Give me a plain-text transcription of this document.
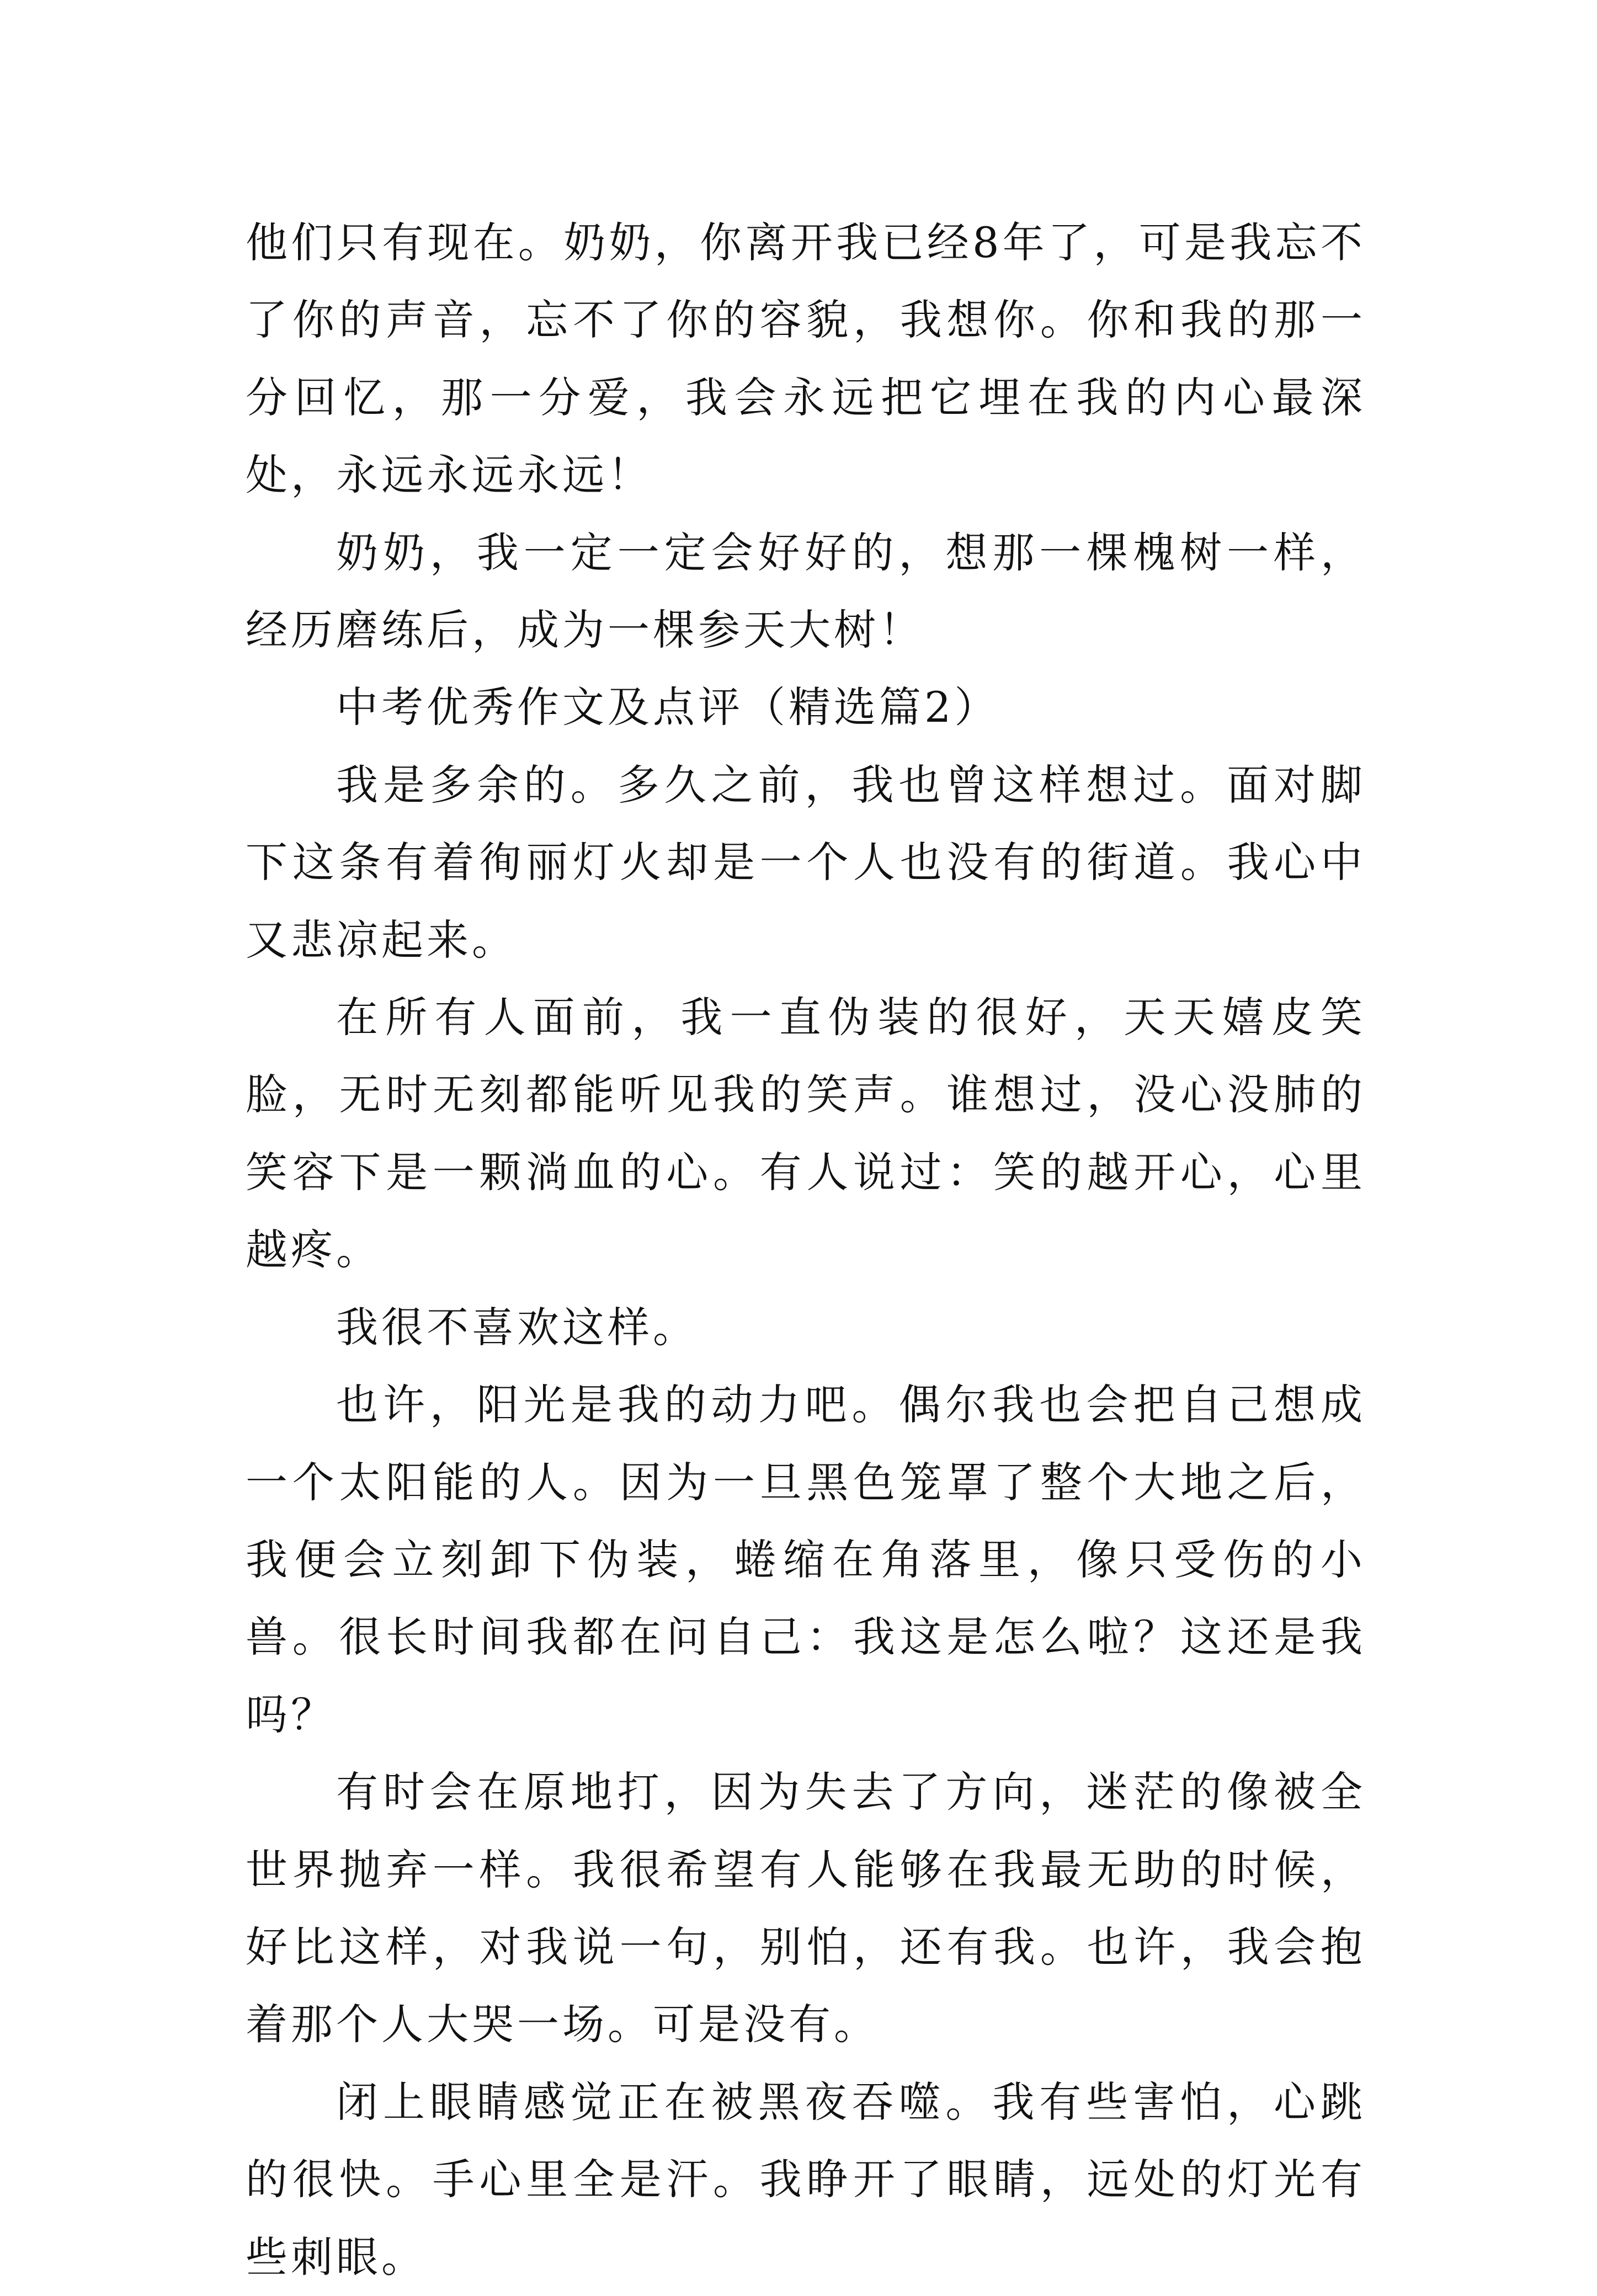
他们只有现在。奶奶，你离开我已经8年了，可是我忘不了你的声音，忘不了你的容貌，我想你。你和我的那一分回忆，那一分爱，我会永远把它埋在我的内心最深处，永远永远永远！

奶奶，我一定一定会好好的，想那一棵槐树一样，经历磨练后，成为一棵参天大树！

中考优秀作文及点评（精选篇2）

我是多余的。多久之前，我也曾这样想过。面对脚下这条有着徇丽灯火却是一个人也没有的街道。我心中又悲凉起来。

在所有人面前，我一直伪装的很好，天天嬉皮笑脸，无时无刻都能听见我的笑声。谁想过，没心没肺的笑容下是一颗淌血的心。有人说过：笑的越开心，心里越疼。

我很不喜欢这样。

也许，阳光是我的动力吧。偶尔我也会把自己想成一个太阳能的人。因为一旦黑色笼罩了整个大地之后，我便会立刻卸下伪装，蜷缩在角落里，像只受伤的小兽。很长时间我都在问自己：我这是怎么啦？这还是我吗？

有时会在原地打，因为失去了方向，迷茫的像被全世界抛弃一样。我很希望有人能够在我最无助的时候，好比这样，对我说一句，别怕，还有我。也许，我会抱着那个人大哭一场。可是没有。

闭上眼睛感觉正在被黑夜吞噬。我有些害怕，心跳的很快。手心里全是汗。我睁开了眼睛，远处的灯光有些刺眼。
